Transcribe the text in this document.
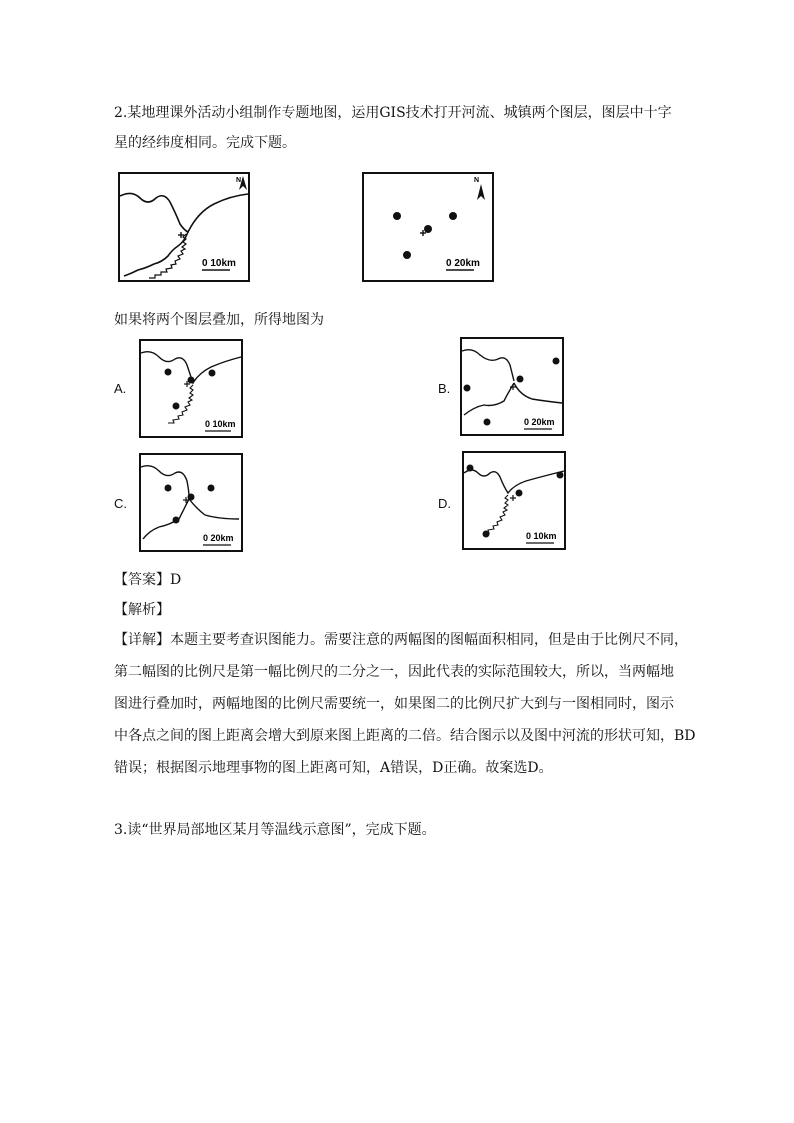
2.某地理课外活动小组制作专题地图，运用GIS技术打开河流、城镇两个图层，图层中十字
星的经纬度相同。完成下题。
N
0 10km
N
0 20km
如果将两个图层叠加，所得地图为
A.
0 10km
B.
0 20km
C.
0 20km
D.
0 10km
【答案】D
【解析】
【详解】本题主要考查识图能力。需要注意的两幅图的图幅面积相同，但是由于比例尺不同，
第二幅图的比例尺是第一幅比例尺的二分之一，因此代表的实际范围较大，所以，当两幅地
图进行叠加时，两幅地图的比例尺需要统一，如果图二的比例尺扩大到与一图相同时，图示
中各点之间的图上距离会增大到原来图上距离的二倍。结合图示以及图中河流的形状可知，BD
错误；根据图示地理事物的图上距离可知，A错误，D正确。故案选D。
3.读“世界局部地区某月等温线示意图”，完成下题。
